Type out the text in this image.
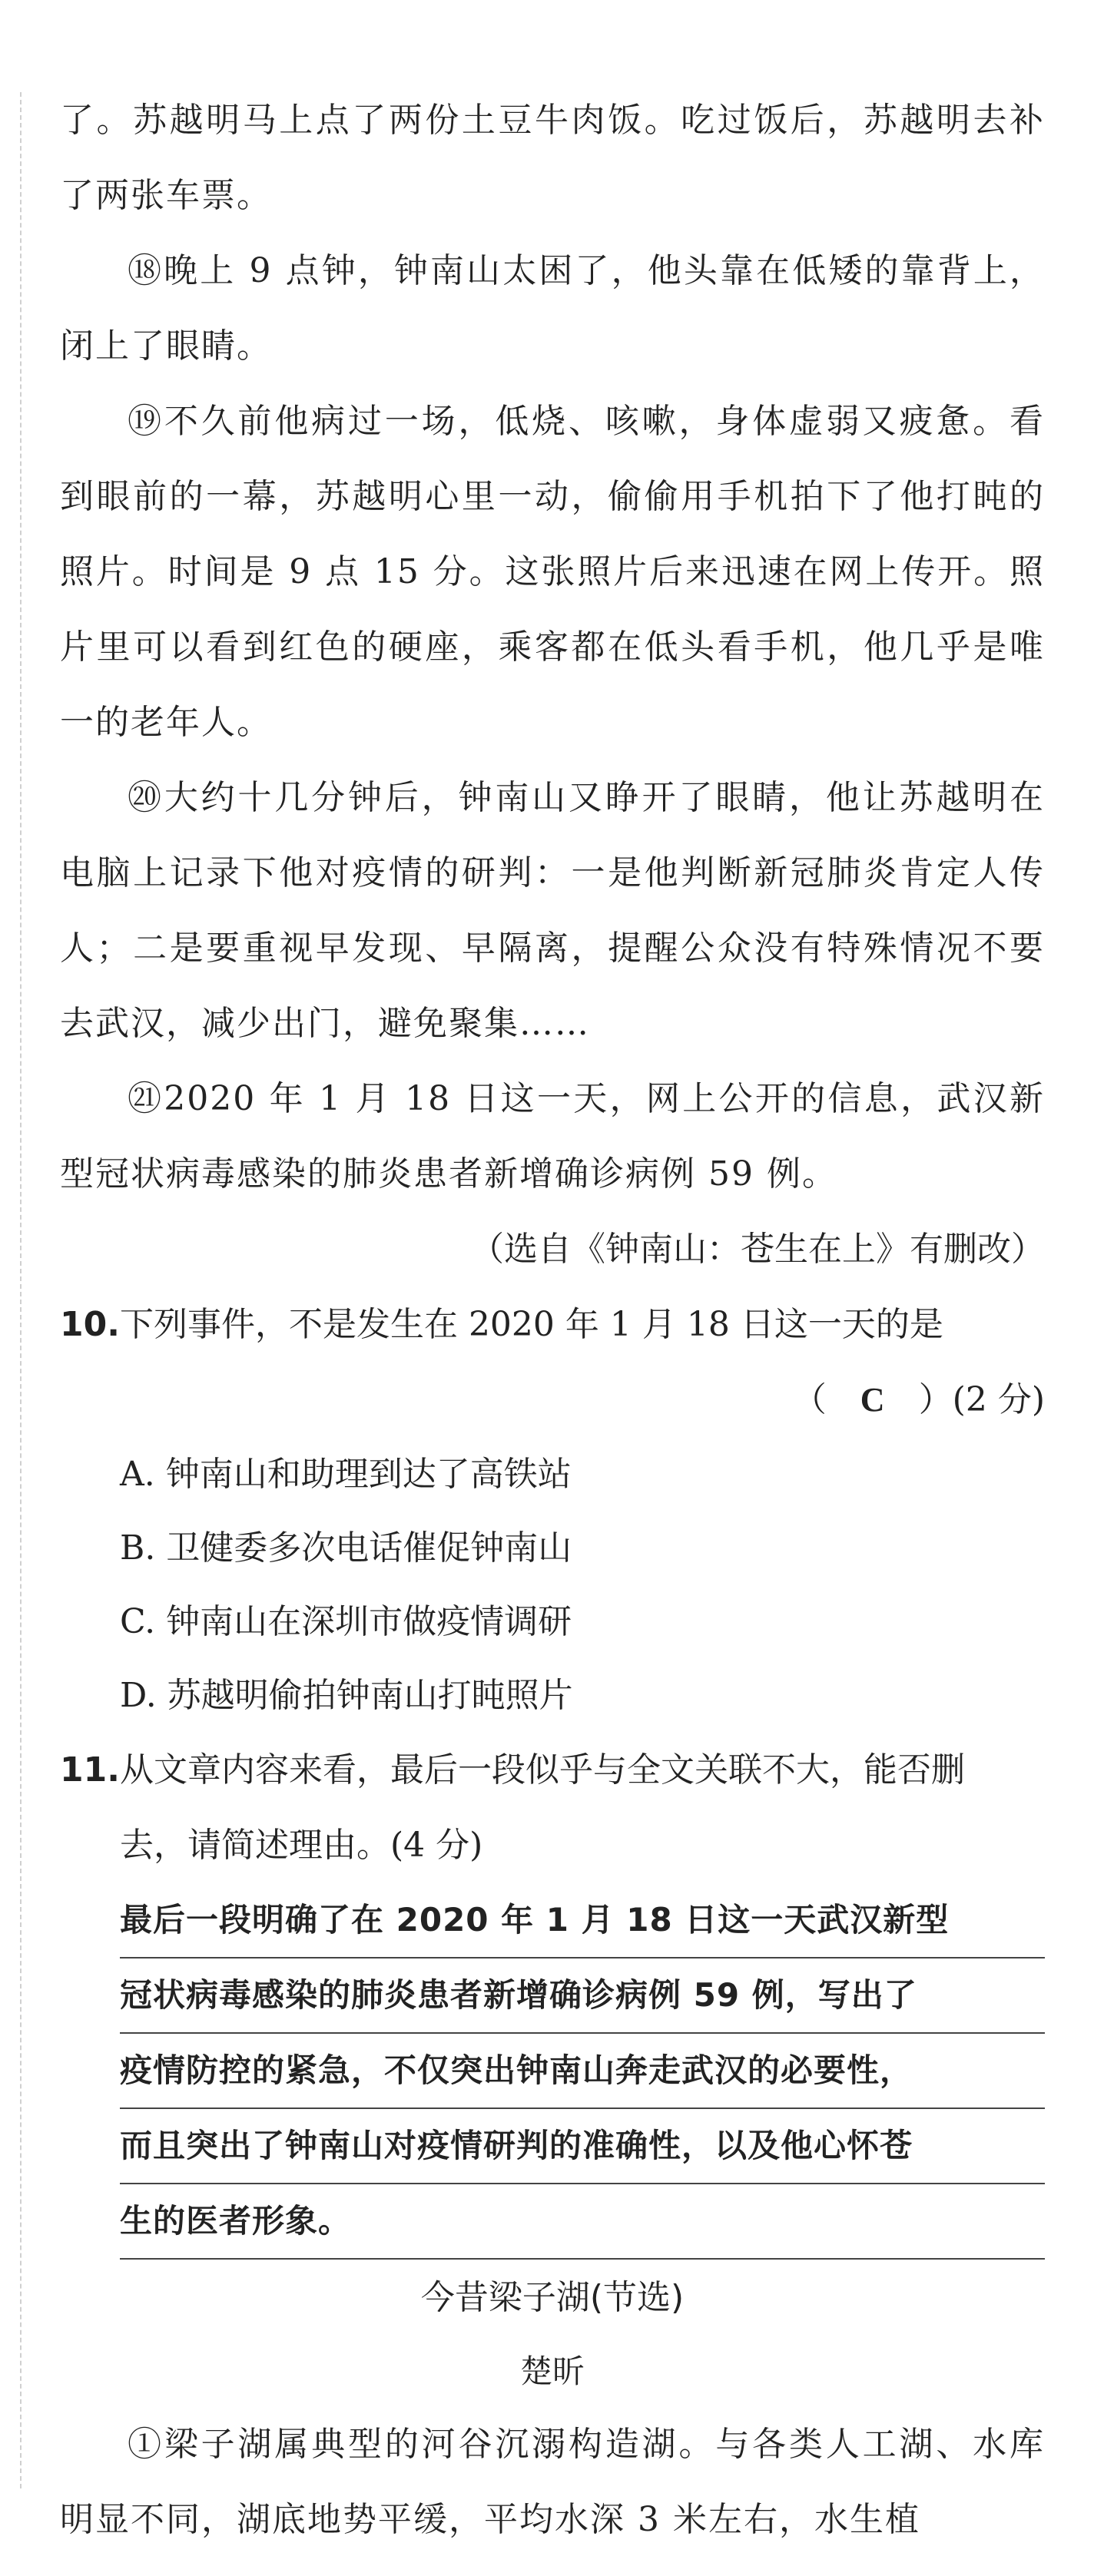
了。苏越明马上点了两份土豆牛肉饭。吃过饭后，苏越明去补了两张车票。

⑱晚上 9 点钟，钟南山太困了，他头靠在低矮的靠背上，闭上了眼睛。

⑲不久前他病过一场，低烧、咳嗽，身体虚弱又疲惫。看到眼前的一幕，苏越明心里一动，偷偷用手机拍下了他打盹的照片。时间是 9 点 15 分。这张照片后来迅速在网上传开。照片里可以看到红色的硬座，乘客都在低头看手机，他几乎是唯一的老年人。

⑳大约十几分钟后，钟南山又睁开了眼睛，他让苏越明在电脑上记录下他对疫情的研判：一是他判断新冠肺炎肯定人传人；二是要重视早发现、早隔离，提醒公众没有特殊情况不要去武汉，减少出门，避免聚集……

㉑2020 年 1 月 18 日这一天，网上公开的信息，武汉新型冠状病毒感染的肺炎患者新增确诊病例 59 例。

（选自《钟南山：苍生在上》有删改）

10.下列事件，不是发生在 2020 年 1 月 18 日这一天的是

（ C ）(2 分)

A. 钟南山和助理到达了高铁站
B. 卫健委多次电话催促钟南山
C. 钟南山在深圳市做疫情调研
D. 苏越明偷拍钟南山打盹照片

11.从文章内容来看，最后一段似乎与全文关联不大，能否删

去，请简述理由。(4 分)

最后一段明确了在 2020 年 1 月 18 日这一天武汉新型
冠状病毒感染的肺炎患者新增确诊病例 59 例，写出了
疫情防控的紧急，不仅突出钟南山奔走武汉的必要性，
而且突出了钟南山对疫情研判的准确性，以及他心怀苍
生的医者形象。

今昔梁子湖(节选)

楚昕

①梁子湖属典型的河谷沉溺构造湖。与各类人工湖、水库明显不同，湖底地势平缓，平均水深 3 米左右，水生植
